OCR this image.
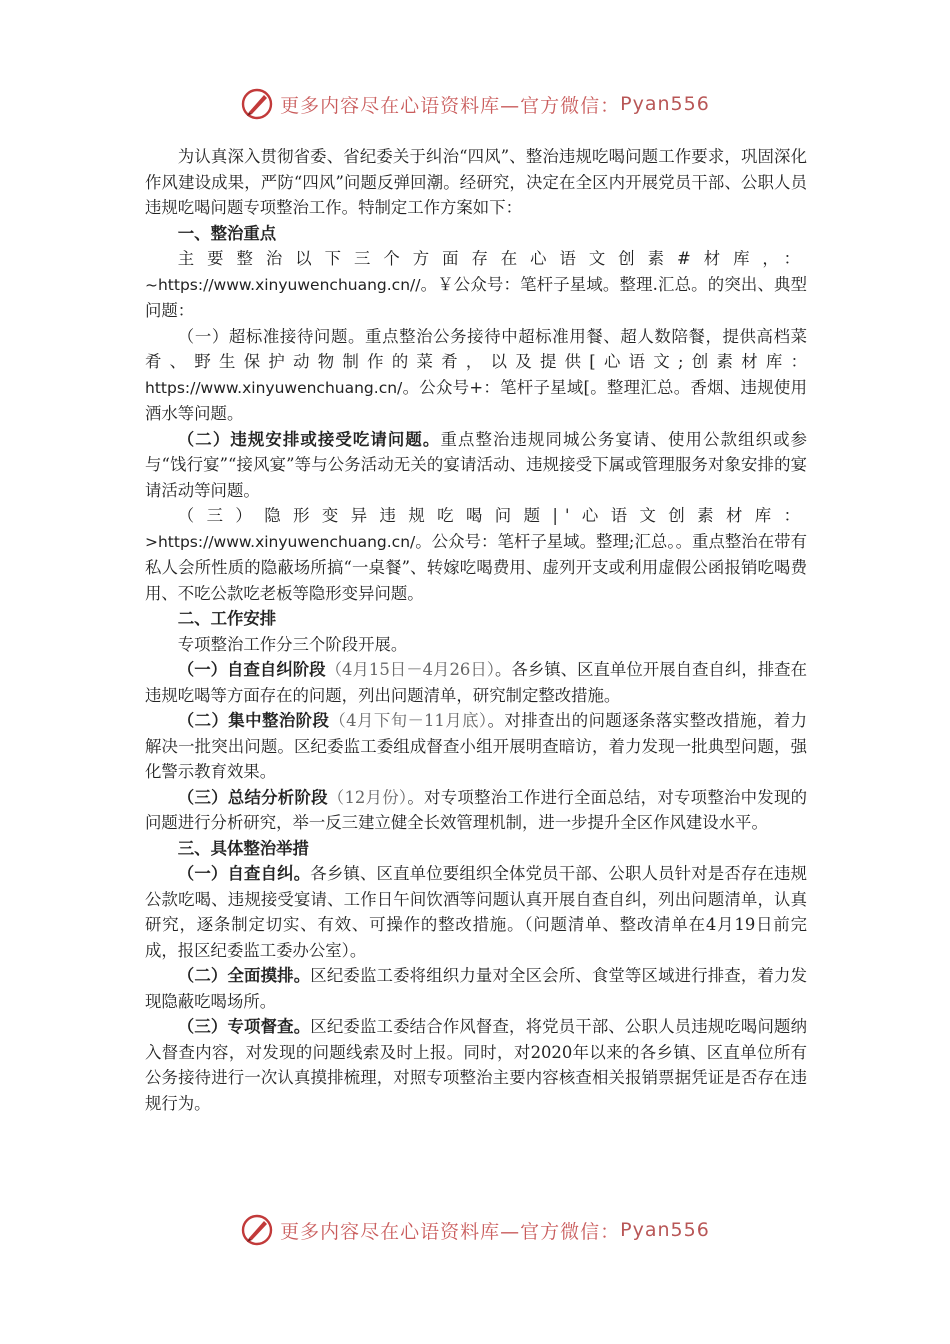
更多内容尽在心语资料库—官方微信： Pyan556

为认真深入贯彻省委、省纪委关于纠治“四风”、整治违规吃喝问题工作要求，巩固深化作风建设成果，严防“四风”问题反弹回潮。经研究，决定在全区内开展党员干部、公职人员违规吃喝问题专项整治工作。特制定工作方案如下：

一、整治重点

主要整治以下三个方面存在心语文创素#材库，：~https://www.xinyuwenchuang.cn//。￥公众号：笔杆子星域。整理.汇总。的突出、典型问题：

（一）超标准接待问题。重点整治公务接待中超标准用餐、超人数陪餐，提供高档菜肴、野生保护动物制作的菜肴，以及提供[心语文;创素材库：https://www.xinyuwenchuang.cn/。公众号+：笔杆子星域[。整理汇总。香烟、违规使用酒水等问题。

（二）违规安排或接受吃请问题。重点整治违规同城公务宴请、使用公款组织或参与“饯行宴”“接风宴”等与公务活动无关的宴请活动、违规接受下属或管理服务对象安排的宴请活动等问题。

（三）隐形变异违规吃喝问题|'心语文创素材库：>https://www.xinyuwenchuang.cn/。公众号：笔杆子星域。整理;汇总。。重点整治在带有私人会所性质的隐蔽场所搞“一桌餐”、转嫁吃喝费用、虚列开支或利用虚假公函报销吃喝费用、不吃公款吃老板等隐形变异问题。

二、工作安排

专项整治工作分三个阶段开展。

（一）自查自纠阶段（4月15日－4月26日）。各乡镇、区直单位开展自查自纠，排查在违规吃喝等方面存在的问题，列出问题清单，研究制定整改措施。

（二）集中整治阶段（4月下旬－11月底）。对排查出的问题逐条落实整改措施，着力解决一批突出问题。区纪委监工委组成督查小组开展明查暗访，着力发现一批典型问题，强化警示教育效果。

（三）总结分析阶段（12月份）。对专项整治工作进行全面总结，对专项整治中发现的问题进行分析研究，举一反三建立健全长效管理机制，进一步提升全区作风建设水平。

三、具体整治举措

（一）自查自纠。各乡镇、区直单位要组织全体党员干部、公职人员针对是否存在违规公款吃喝、违规接受宴请、工作日午间饮酒等问题认真开展自查自纠，列出问题清单，认真研究，逐条制定切实、有效、可操作的整改措施。（问题清单、整改清单在4月19日前完成，报区纪委监工委办公室）。

（二）全面摸排。区纪委监工委将组织力量对全区会所、食堂等区域进行排查，着力发现隐蔽吃喝场所。

（三）专项督查。区纪委监工委结合作风督查，将党员干部、公职人员违规吃喝问题纳入督查内容，对发现的问题线索及时上报。同时，对2020年以来的各乡镇、区直单位所有公务接待进行一次认真摸排梳理，对照专项整治主要内容核查相关报销票据凭证是否存在违规行为。

更多内容尽在心语资料库—官方微信： Pyan556
